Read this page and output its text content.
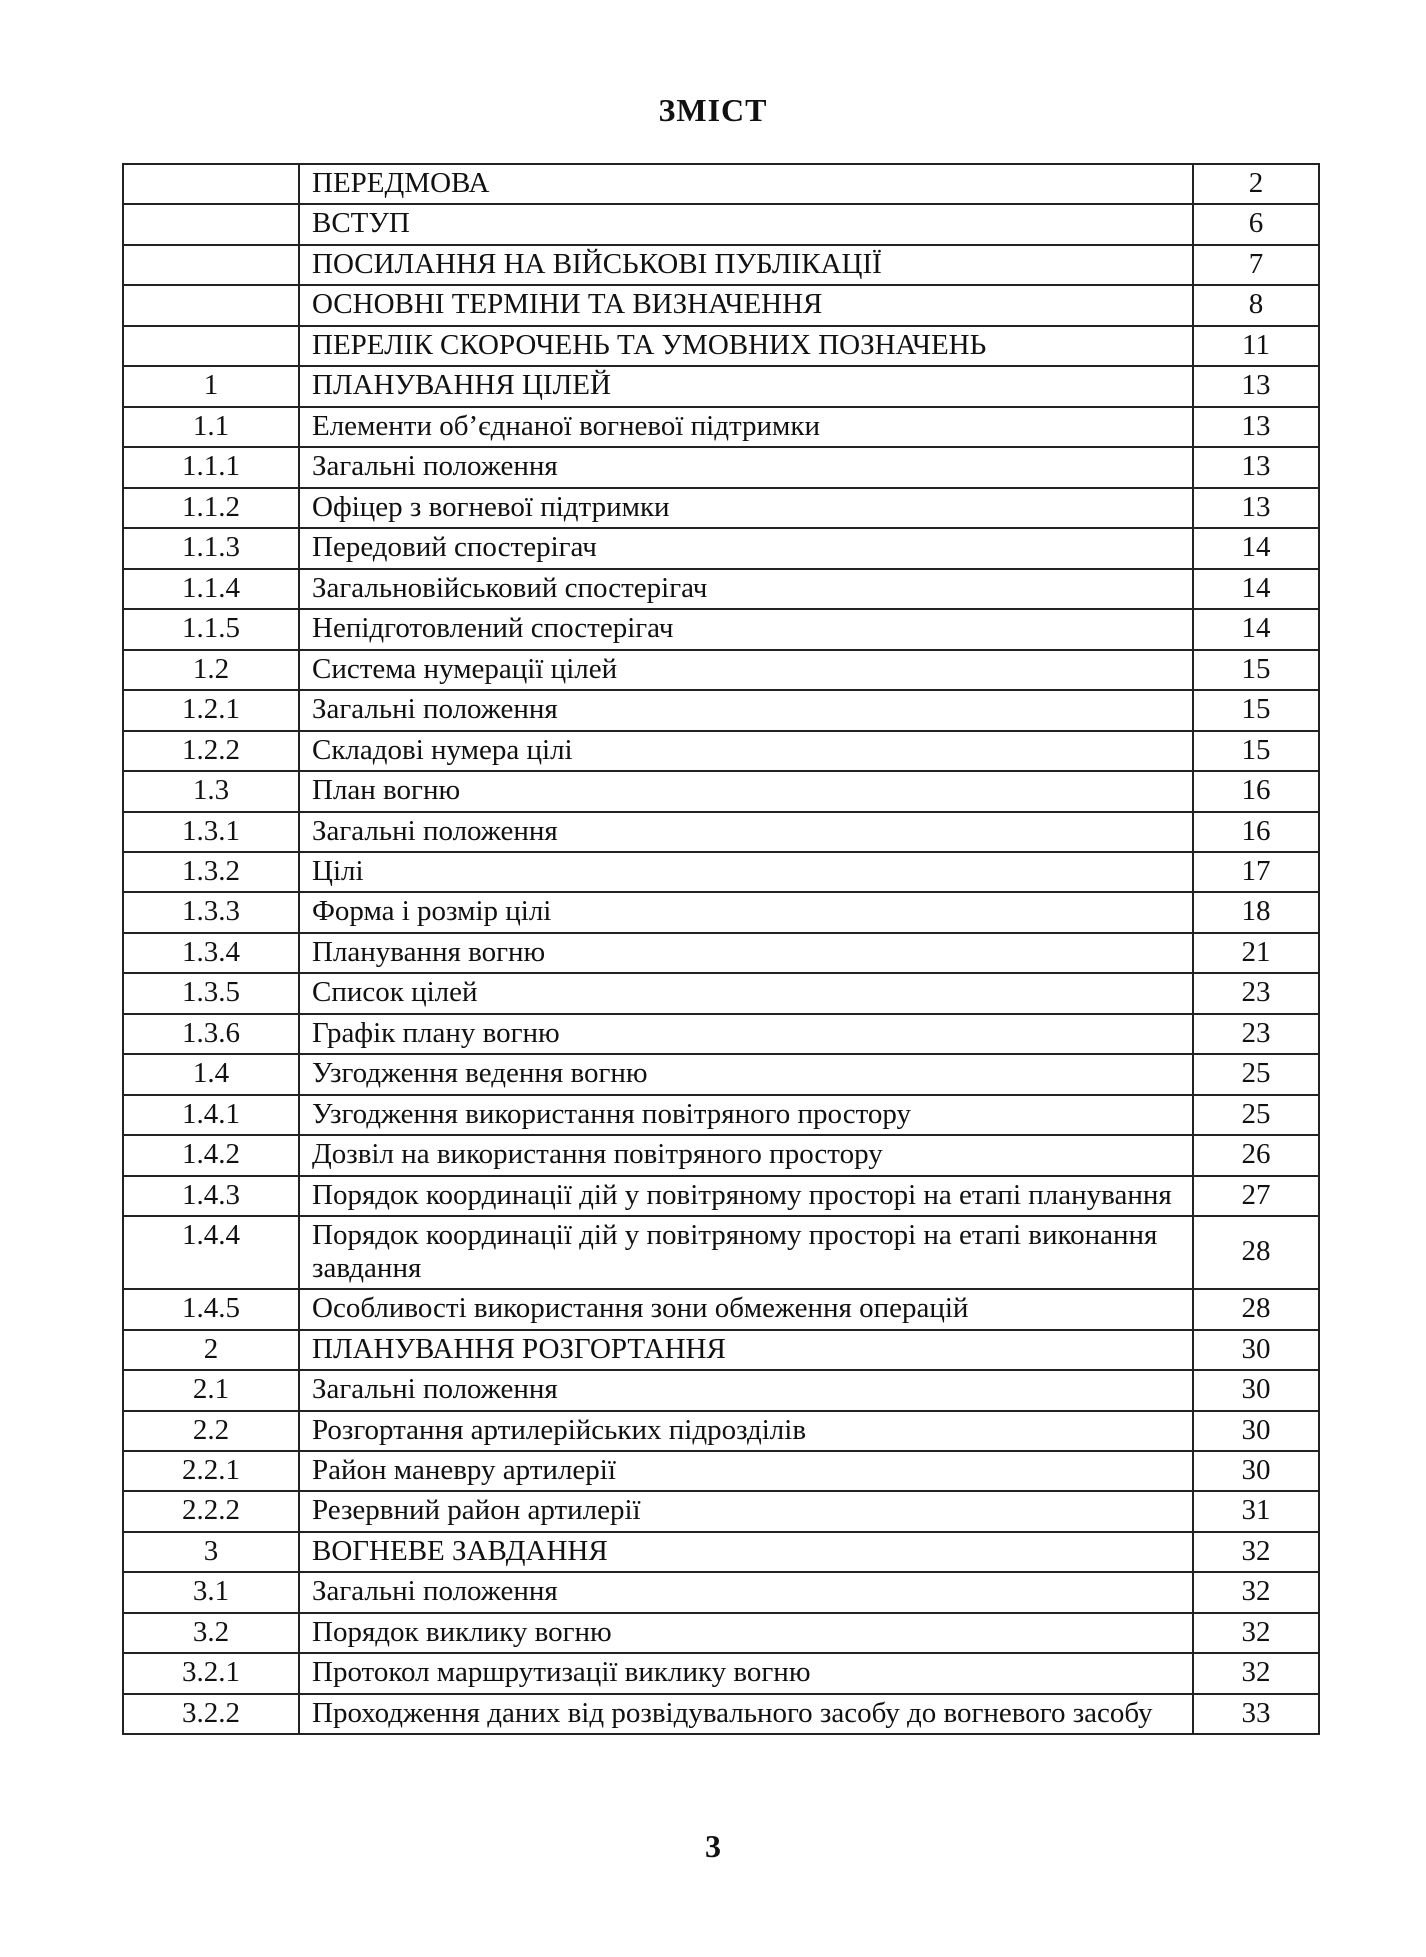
ЗМІСТ
	ПЕРЕДМОВА	2
	ВСТУП	6
	ПОСИЛАННЯ НА ВІЙСЬКОВІ ПУБЛІКАЦІЇ	7
	ОСНОВНІ ТЕРМІНИ ТА ВИЗНАЧЕННЯ	8
	ПЕРЕЛІК СКОРОЧЕНЬ ТА УМОВНИХ ПОЗНАЧЕНЬ	11
1	ПЛАНУВАННЯ ЦІЛЕЙ	13
1.1	Елементи об’єднаної вогневої підтримки	13
1.1.1	Загальні положення	13
1.1.2	Офіцер з вогневої підтримки	13
1.1.3	Передовий спостерігач	14
1.1.4	Загальновійськовий спостерігач	14
1.1.5	Непідготовлений спостерігач	14
1.2	Система нумерації цілей	15
1.2.1	Загальні положення	15
1.2.2	Складові нумера цілі	15
1.3	План вогню	16
1.3.1	Загальні положення	16
1.3.2	Цілі	17
1.3.3	Форма і розмір цілі	18
1.3.4	Планування вогню	21
1.3.5	Список цілей	23
1.3.6	Графік плану вогню	23
1.4	Узгодження ведення вогню	25
1.4.1	Узгодження використання повітряного простору	25
1.4.2	Дозвіл на використання повітряного простору	26
1.4.3	Порядок координації дій у повітряному просторі на етапі планування	27
1.4.4	Порядок координації дій у повітряному просторі на етапі виконання завдання	28
1.4.5	Особливості використання зони обмеження операцій	28
2	ПЛАНУВАННЯ РОЗГОРТАННЯ	30
2.1	Загальні положення	30
2.2	Розгортання артилерійських підрозділів	30
2.2.1	Район маневру артилерії	30
2.2.2	Резервний район артилерії	31
3	ВОГНЕВЕ ЗАВДАННЯ	32
3.1	Загальні положення	32
3.2	Порядок виклику вогню	32
3.2.1	Протокол маршрутизації виклику вогню	32
3.2.2	Проходження даних від розвідувального засобу до вогневого засобу	33
3
